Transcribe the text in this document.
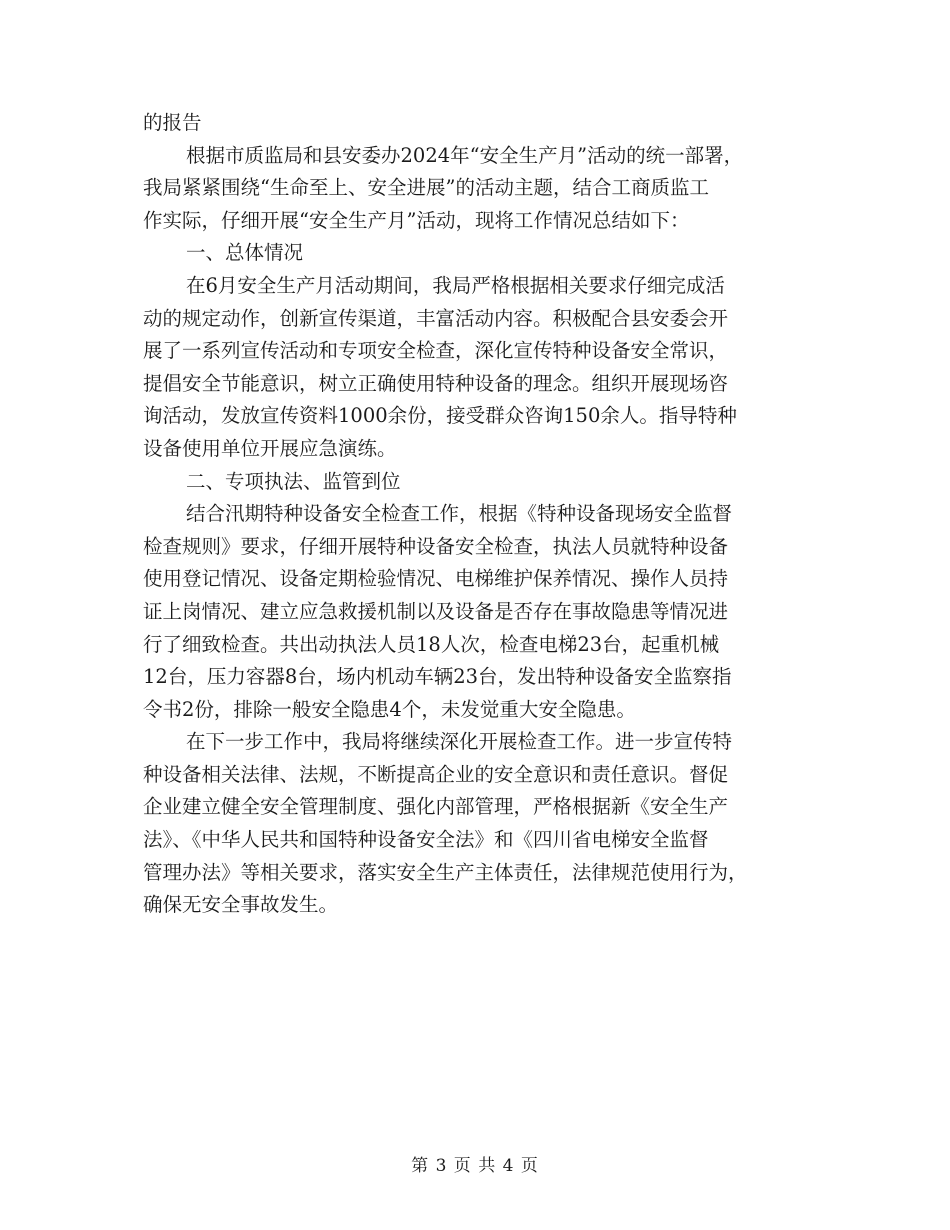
的报告
根据市质监局和县安委办2024年“安全生产月”活动的统一部署，
我局紧紧围绕“生命至上、安全进展”的活动主题，结合工商质监工
作实际，仔细开展“安全生产月”活动，现将工作情况总结如下：
一、总体情况
在6月安全生产月活动期间，我局严格根据相关要求仔细完成活
动的规定动作，创新宣传渠道，丰富活动内容。积极配合县安委会开
展了一系列宣传活动和专项安全检查，深化宣传特种设备安全常识，
提倡安全节能意识，树立正确使用特种设备的理念。组织开展现场咨
询活动，发放宣传资料1000余份，接受群众咨询150余人。指导特种
设备使用单位开展应急演练。
二、专项执法、监管到位
结合汛期特种设备安全检查工作，根据《特种设备现场安全监督
检查规则》要求，仔细开展特种设备安全检查，执法人员就特种设备
使用登记情况、设备定期检验情况、电梯维护保养情况、操作人员持
证上岗情况、建立应急救援机制以及设备是否存在事故隐患等情况进
行了细致检查。共出动执法人员18人次，检查电梯23台，起重机械
12台，压力容器8台，场内机动车辆23台，发出特种设备安全监察指
令书2份，排除一般安全隐患4个，未发觉重大安全隐患。
在下一步工作中，我局将继续深化开展检查工作。进一步宣传特
种设备相关法律、法规，不断提高企业的安全意识和责任意识。督促
企业建立健全安全管理制度、强化内部管理，严格根据新《安全生产
法》、《中华人民共和国特种设备安全法》和《四川省电梯安全监督
管理办法》等相关要求，落实安全生产主体责任，法律规范使用行为，
确保无安全事故发生。
第 3 页 共 4 页
